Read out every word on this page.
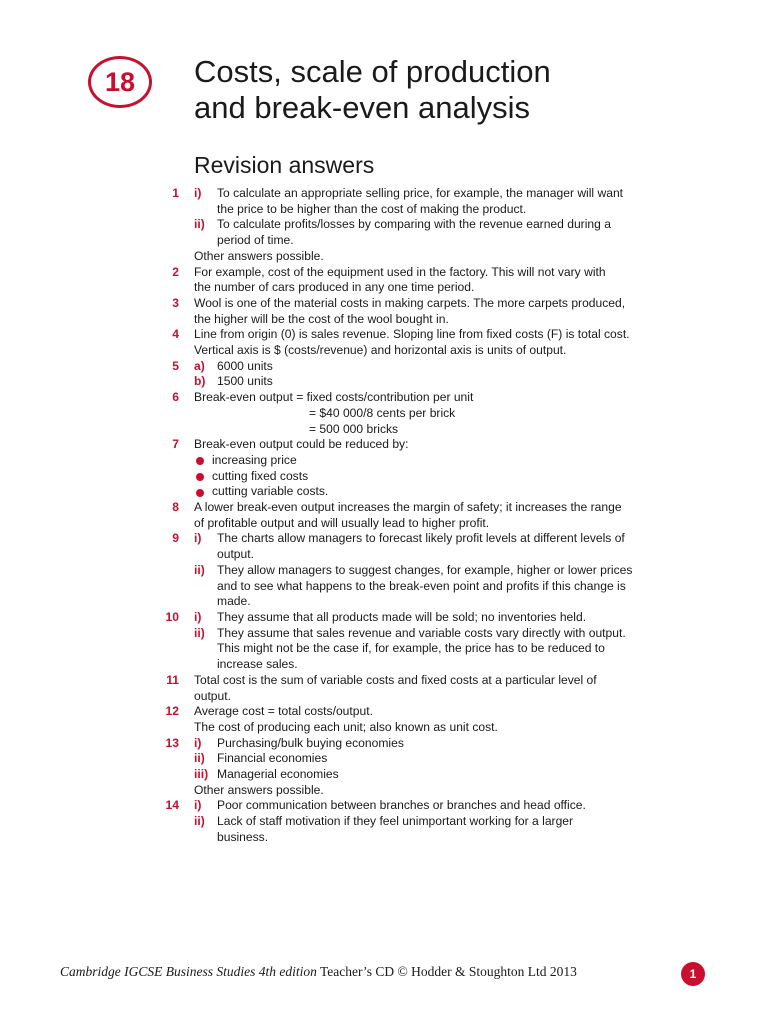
18	Costs, scale of production
and break-even analysis
Revision answers
1 i) To calculate an appropriate selling price, for example, the manager will want
the price to be higher than the cost of making the product.
ii) To calculate profits/losses by comparing with the revenue earned during a
period of time.
Other answers possible.
2 For example, cost of the equipment used in the factory. This will not vary with
the number of cars produced in any one time period.
3 Wool is one of the material costs in making carpets. The more carpets produced,
the higher will be the cost of the wool bought in.
4 Line from origin (0) is sales revenue. Sloping line from fixed costs (F) is total cost.
Vertical axis is $ (costs/revenue) and horizontal axis is units of output.
5 a) 6000 units
b) 1500 units
6 Break-even output = fixed costs/contribution per unit
= $40 000/8 cents per brick
= 500 000 bricks
7 Break-even output could be reduced by:
increasing price
cutting fixed costs
cutting variable costs.
8 A lower break-even output increases the margin of safety; it increases the range
of profitable output and will usually lead to higher profit.
9 i) The charts allow managers to forecast likely profit levels at different levels of
output.
ii) They allow managers to suggest changes, for example, higher or lower prices
and to see what happens to the break-even point and profits if this change is
made.
10 i) They assume that all products made will be sold; no inventories held.
ii) They assume that sales revenue and variable costs vary directly with output.
This might not be the case if, for example, the price has to be reduced to
increase sales.
11 Total cost is the sum of variable costs and fixed costs at a particular level of
output.
12 Average cost = total costs/output.
The cost of producing each unit; also known as unit cost.
13 i) Purchasing/bulk buying economies
ii) Financial economies
iii) Managerial economies
Other answers possible.
14 i) Poor communication between branches or branches and head office.
ii) Lack of staff motivation if they feel unimportant working for a larger
business.
Cambridge IGCSE Business Studies 4th edition Teacher’s CD © Hodder & Stoughton Ltd 2013	1
